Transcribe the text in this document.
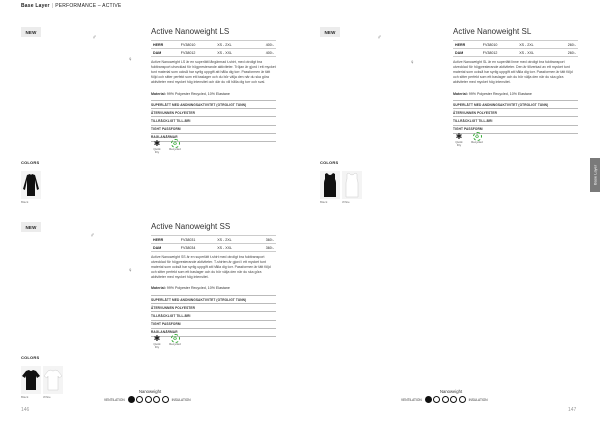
Base Layer | PERFORMANCE – ACTIVE
NEW
♂
♀
Active Nanoweight LS
HERR	FV38010	XS - 2XL	400:-
DAM	FV38012	XS - XXL	400:-
Active Nanoweight LS är en superlätt långärmad t-shirt, med otroligt bra fukttransport utvecklad för högpresterande aktiviteter. Tröjan är gjord i ett mycket tunt material som också har syrlig uppgift att hålla dig torr. Passformen är tätt följd och sitter perfekt som ett baslager och du bör välja den när du ska göra aktiviteter med mycket hög intensitet och där du vill hålla dig torr och sval.
Material: 99% Polyester Recycled, 10% Elastane
SUPERLÄTT MED ANDNINGSAKTIVITET (OTROLIGT TUNN)
ÅTERVUNNEN POLYESTER
TILLRÄCKLIGT TILL-BRI
TIGHT PASSFORM
RAGLANÄRMAR
✱
Quick Dry
♻
Recycled
COLORS
Black
NEW
♂
♀
Active Nanoweight SL
HERR	FV38010	XS - 2XL	260:-
DAM	FV38012	XS - XXL	260:-
Active Nanoweight SL är en superlätt linne med otroligt bra fukttransport utvecklad för högpresterande aktiviteter. Den är tillverkad av ett mycket tunt material som också har syrlig uppgift att hålla dig torr. Passformen är tätt följd och sitter perfekt som ett baslager och du bör välja den när du ska göra aktiviteter med mycket hög intensitet.
Material: 99% Polyester Recycled, 10% Elastane
SUPERLÄTT MED ANDNINGSAKTIVITET (OTROLIGT TUNN)
ÅTERVUNNEN POLYESTER
TILLRÄCKLIGT TILL-BRI
TIGHT PASSFORM
✱
Quick Dry
♻
Recycled
COLORS
Black	White
NEW
♂
♀
Active Nanoweight SS
HERR	FV38031	XS - 2XL	360:-
DAM	FV38034	XS - XXL	360:-
Active Nanoweight SS är en superlätt t-shirt med otroligt bra fukttransport utvecklad för högpresterande aktiviteter. T-shirten är gjord i ett mycket tunt material som också har syrlig uppgift att hålla dig torr. Passformen är tätt följd och sitter perfekt som ett baslager och du bör välja den när du ska göra aktiviteter med mycket hög intensitet.
Material: 99% Polyester Recycled, 10% Elastane
SUPERLÄTT MED ANDNINGSAKTIVITET (OTROLIGT TUNN)
ÅTERVUNNEN POLYESTER
TILLRÄCKLIGT TILL-BRI
TIGHT PASSFORM
RAGLANÄRMAR
✱
Quick Dry
♻
Recycled
COLORS
Black	White
Nanoweight
VENTILATION	INSULATION
Nanoweight
VENTILATION	INSULATION
146	147
Base Layer
